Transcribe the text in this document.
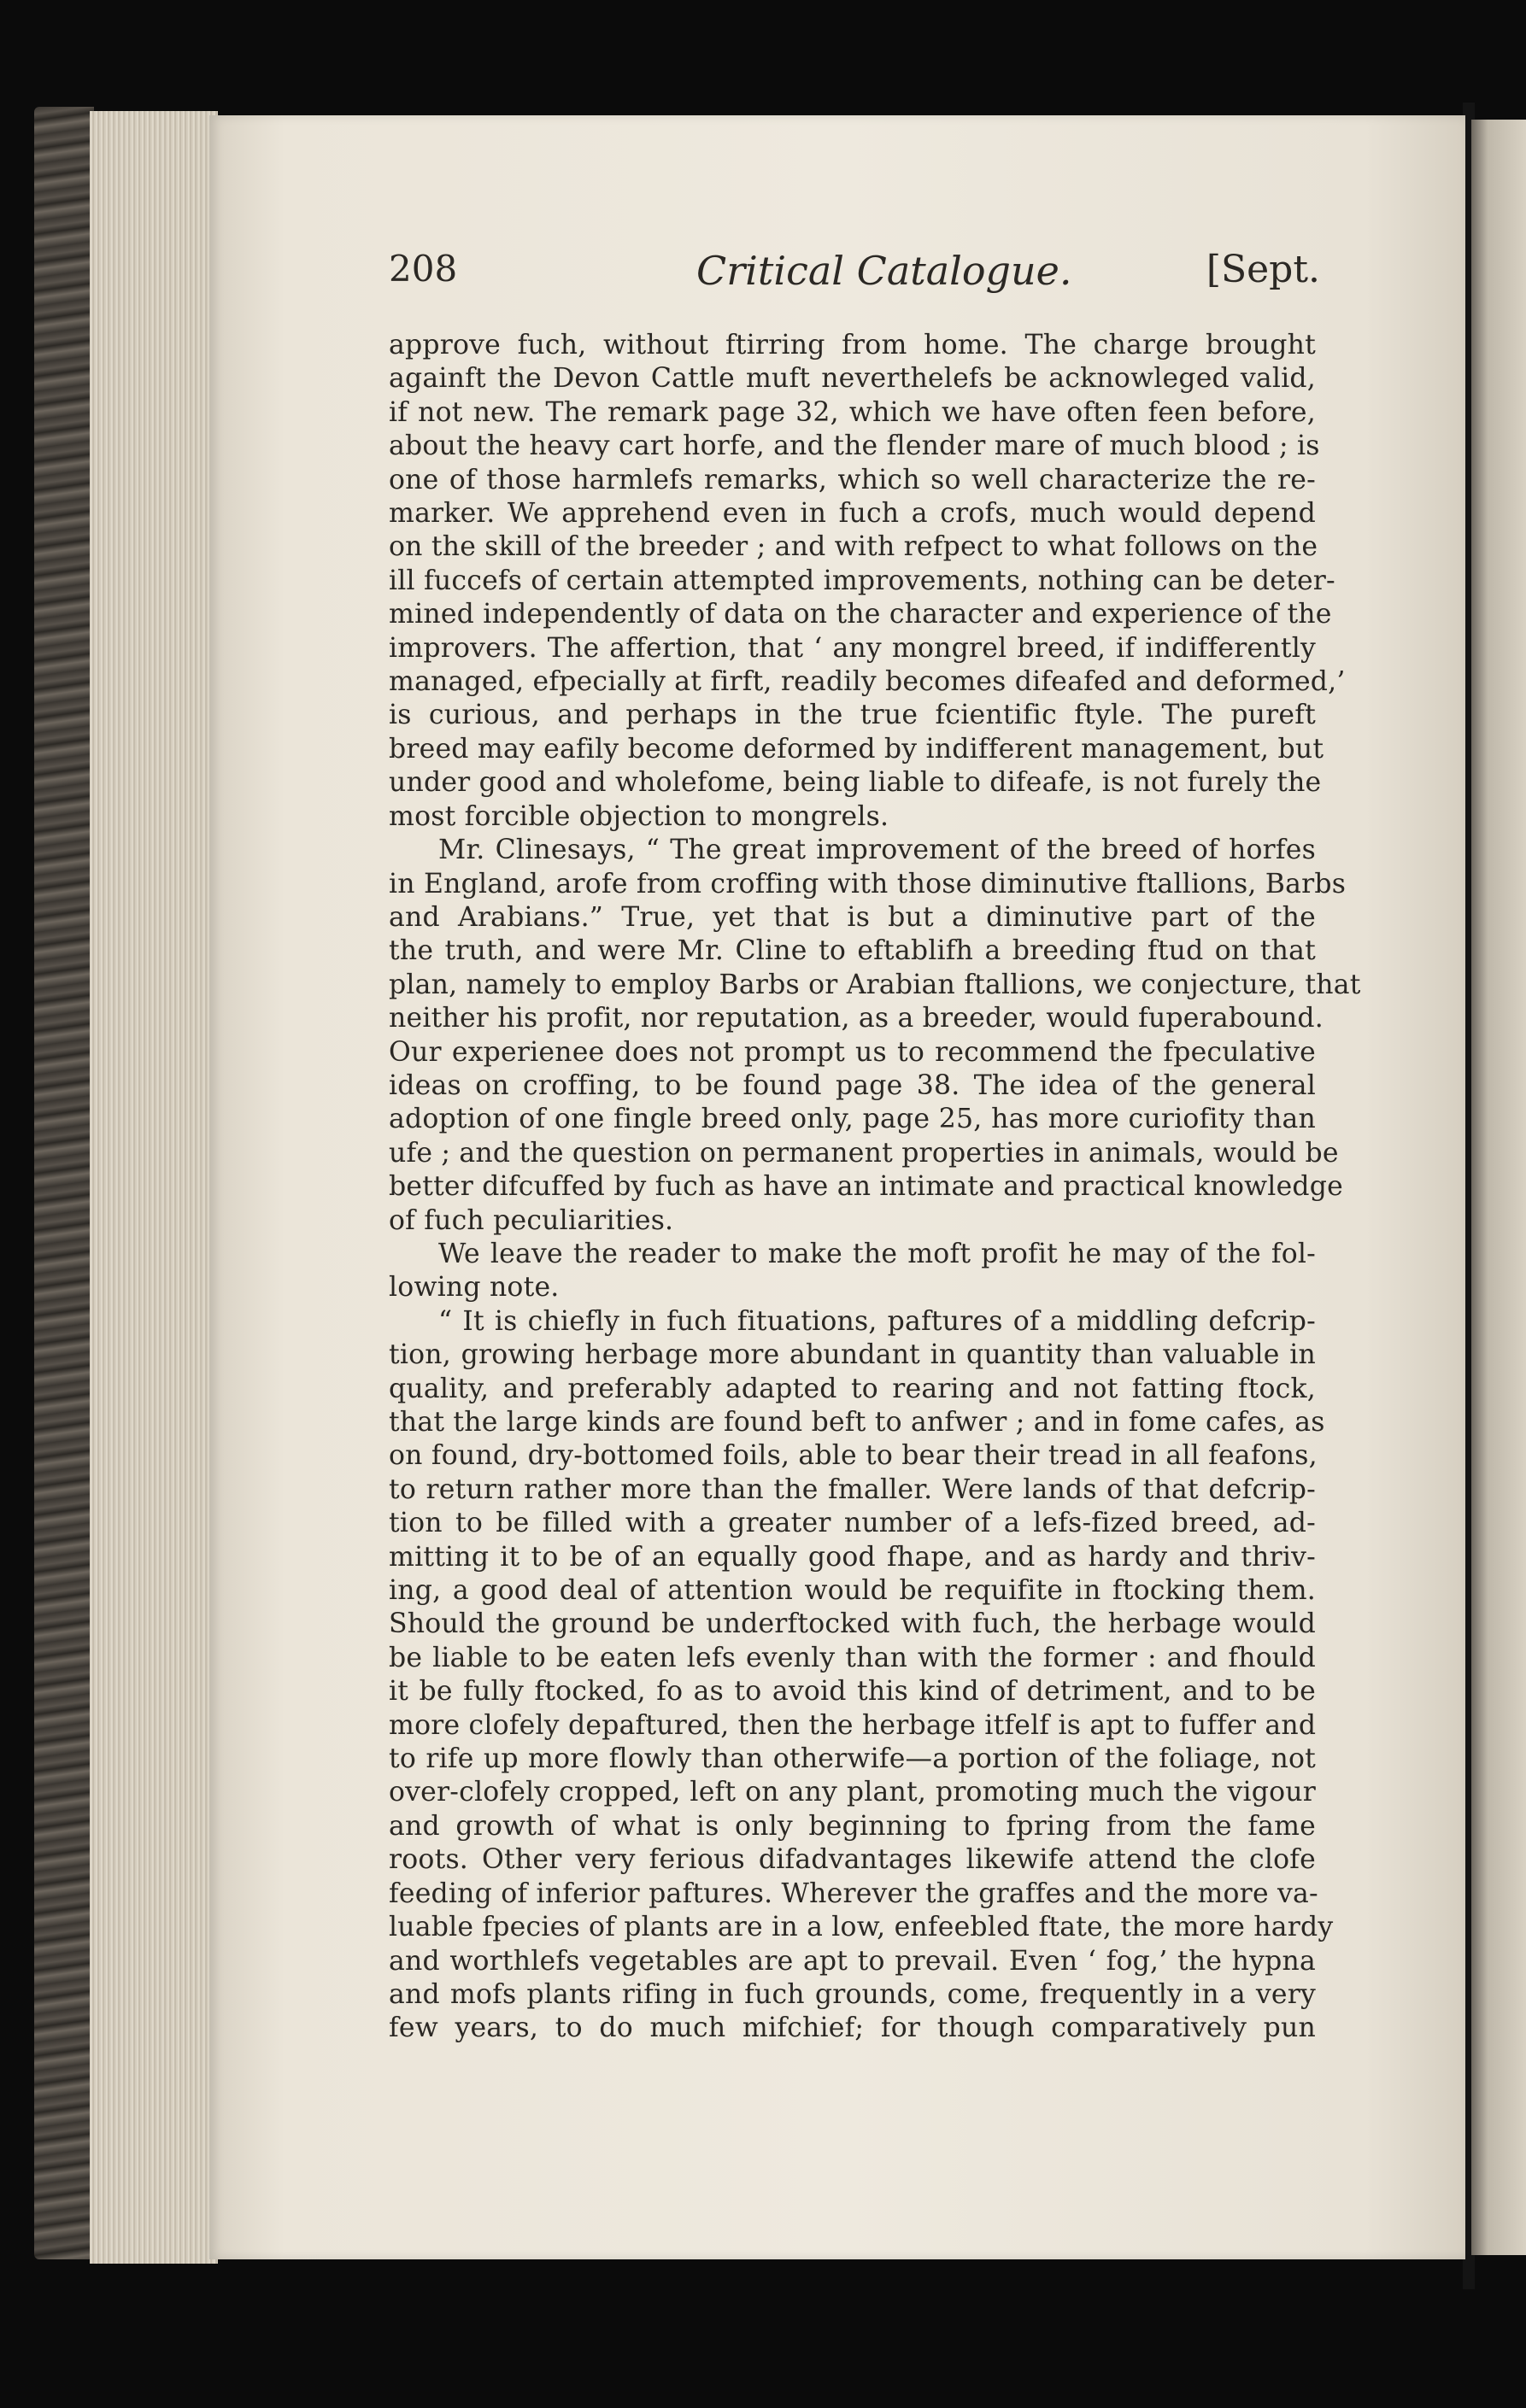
208	Critical Catalogue.	[Sept.
approve fuch, without ftirring from home. The charge brought
againft the Devon Cattle muft neverthelefs be acknowleged valid,
if not new. The remark page 32, which we have often feen before,
about the heavy cart horfe, and the flender mare of much blood ; is
one of those harmlefs remarks, which so well characterize the re-
marker. We apprehend even in fuch a crofs, much would depend
on the skill of the breeder ; and with refpect to what follows on the
ill fuccefs of certain attempted improvements, nothing can be deter-
mined independently of data on the character and experience of the
improvers. The affertion, that ‘ any mongrel breed, if indifferently
managed, efpecially at firft, readily becomes difeafed and deformed,’
is curious, and perhaps in the true fcientific ftyle. The pureft
breed may eafily become deformed by indifferent management, but
under good and wholefome, being liable to difeafe, is not furely the
most forcible objection to mongrels.
Mr. Clinesays, “ The great improvement of the breed of horfes
in England, arofe from croffing with those diminutive ftallions, Barbs
and Arabians.” True, yet that is but a diminutive part of the
the truth, and were Mr. Cline to eftablifh a breeding ftud on that
plan, namely to employ Barbs or Arabian ftallions, we conjecture, that
neither his profit, nor reputation, as a breeder, would fuperabound.
Our experienee does not prompt us to recommend the fpeculative
ideas on croffing, to be found page 38. The idea of the general
adoption of one fingle breed only, page 25, has more curiofity than
ufe ; and the question on permanent properties in animals, would be
better difcuffed by fuch as have an intimate and practical knowledge
of fuch peculiarities.
We leave the reader to make the moft profit he may of the fol-
lowing note.
“ It is chiefly in fuch fituations, paftures of a middling defcrip-
tion, growing herbage more abundant in quantity than valuable in
quality, and preferably adapted to rearing and not fatting ftock,
that the large kinds are found beft to anfwer ; and in fome cafes, as
on found, dry-bottomed foils, able to bear their tread in all feafons,
to return rather more than the fmaller. Were lands of that defcrip-
tion to be filled with a greater number of a lefs-fized breed, ad-
mitting it to be of an equally good fhape, and as hardy and thriv-
ing, a good deal of attention would be requifite in ftocking them.
Should the ground be underftocked with fuch, the herbage would
be liable to be eaten lefs evenly than with the former : and fhould
it be fully ftocked, fo as to avoid this kind of detriment, and to be
more clofely depaftured, then the herbage itfelf is apt to fuffer and
to rife up more flowly than otherwife—a portion of the foliage, not
over-clofely cropped, left on any plant, promoting much the vigour
and growth of what is only beginning to fpring from the fame
roots. Other very ferious difadvantages likewife attend the clofe
feeding of inferior paftures. Wherever the graffes and the more va-
luable fpecies of plants are in a low, enfeebled ftate, the more hardy
and worthlefs vegetables are apt to prevail. Even ‘ fog,’ the hypna
and mofs plants rifing in fuch grounds, come, frequently in a very
few years, to do much mifchief; for though comparatively pun
